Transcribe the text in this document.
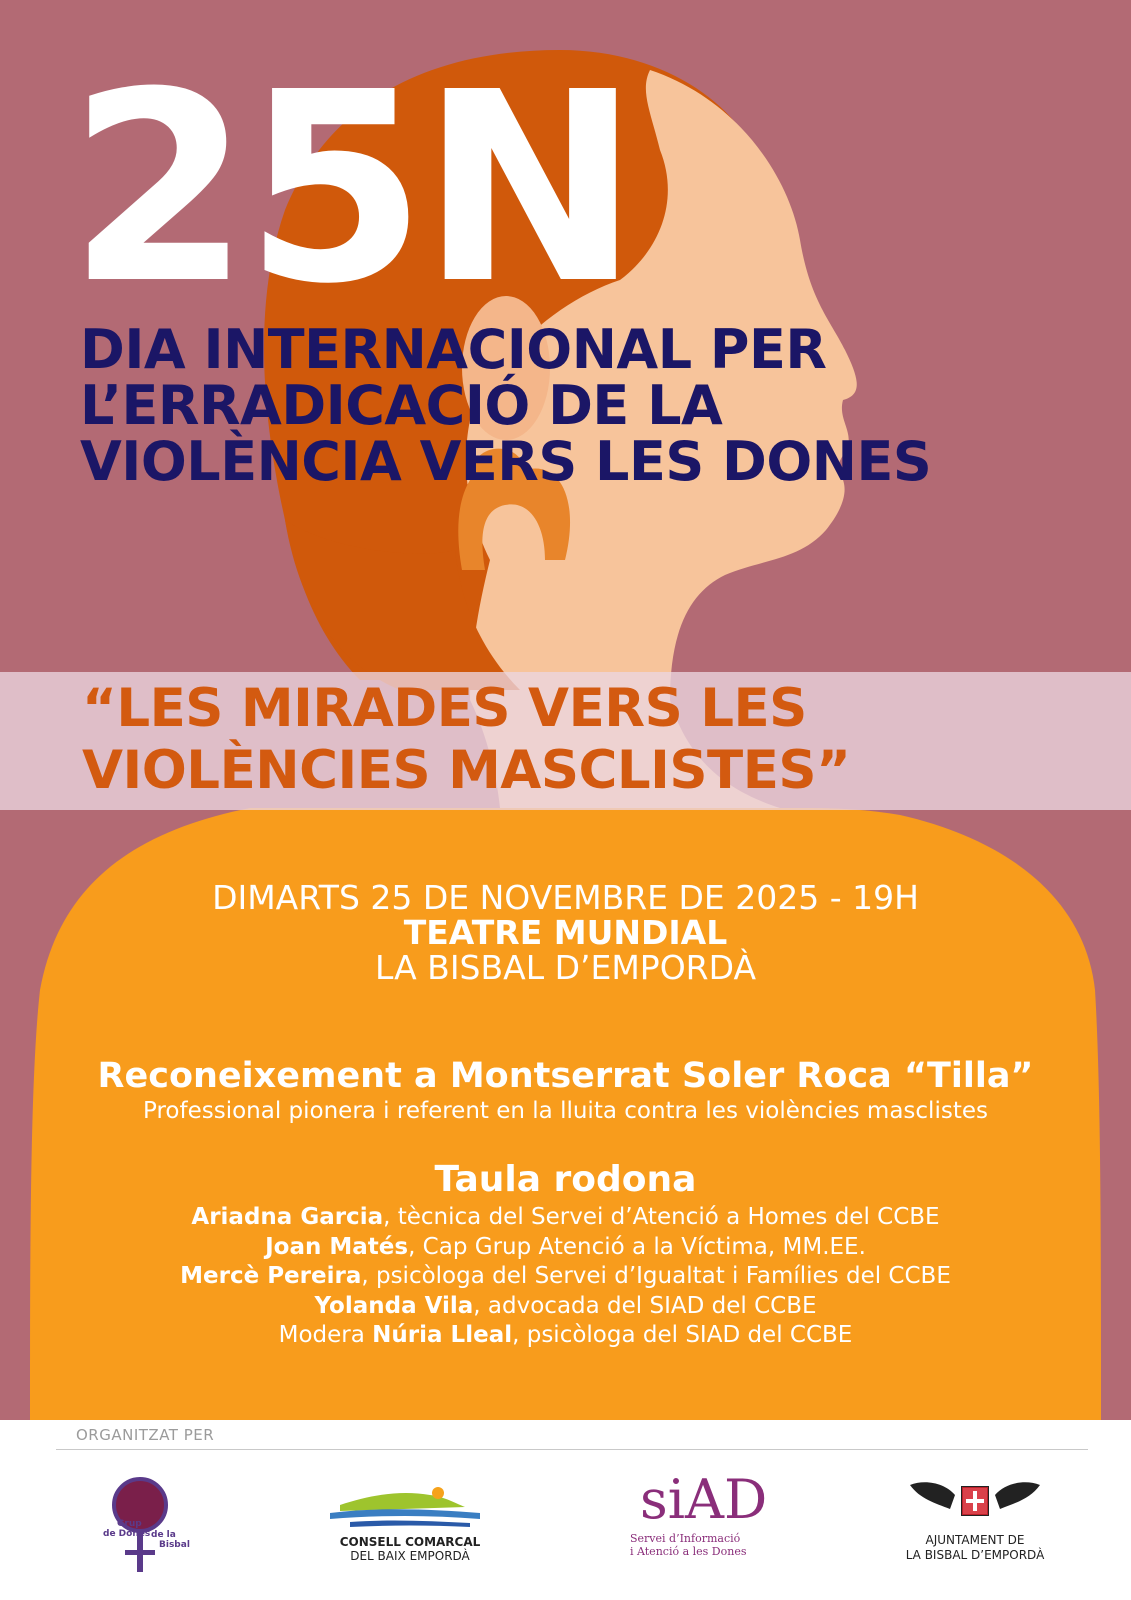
25N
DIA INTERNACIONAL PER
L’ERRADICACIÓ DE LA
VIOLÈNCIA VERS LES DONES
“LES MIRADES VERS LES
VIOLÈNCIES MASCLISTES”
DIMARTS 25 DE NOVEMBRE DE 2025 - 19H
TEATRE MUNDIAL
LA BISBAL D’EMPORDÀ
Reconeixement a Montserrat Soler Roca “Tilla”
Professional pionera i referent en la lluita contra les violències masclistes
Taula rodona
Ariadna Garcia, tècnica del Servei d’Atenció a Homes del CCBE
Joan Matés, Cap Grup Atenció a la Víctima, MM.EE.
Mercè Pereira, psicòloga del Servei d’Igualtat i Famílies del CCBE
Yolanda Vila, advocada del SIAD del CCBE
Modera Núria Lleal, psicòloga del SIAD del CCBE
ORGANITZAT PER
Grup
de Dones de la
Bisbal	CONSELL COMARCAL
DEL BAIX EMPORDÀ
siAD
Servei d’Informació
i Atenció a les Dones
AJUNTAMENT DE
LA BISBAL D’EMPORDÀ
